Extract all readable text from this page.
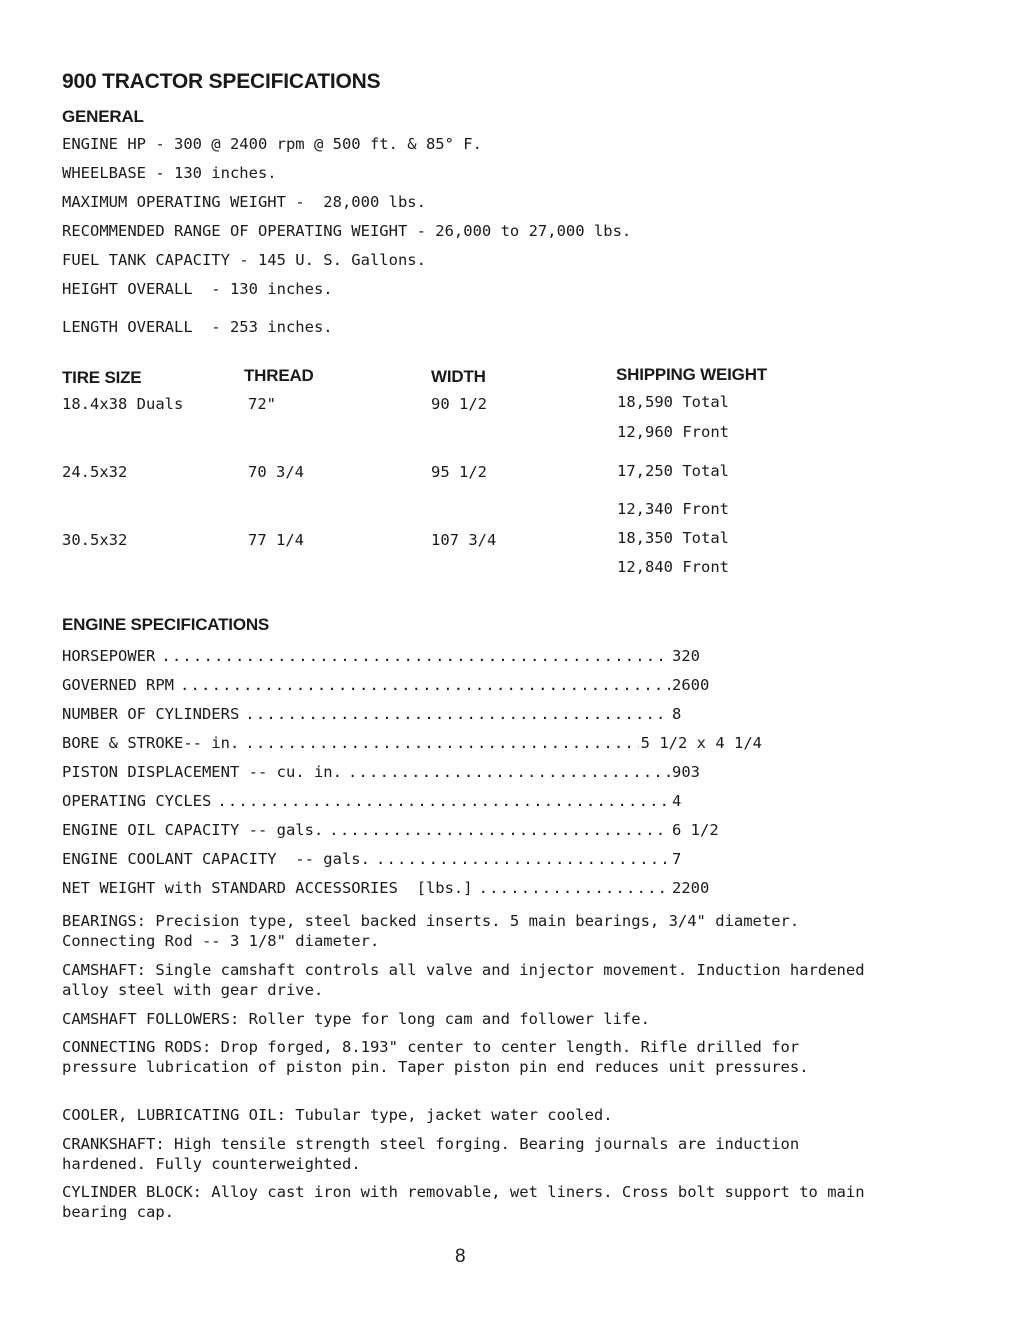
900 TRACTOR SPECIFICATIONS
GENERAL

ENGINE HP - 300 @ 2400 rpm @ 500 ft. & 85° F.

WHEELBASE - 130 inches.

MAXIMUM OPERATING WEIGHT -  28,000 lbs.

RECOMMENDED RANGE OF OPERATING WEIGHT - 26,000 to 27,000 lbs.

FUEL TANK CAPACITY - 145 U. S. Gallons.

HEIGHT OVERALL  - 130 inches.

LENGTH OVERALL  - 253 inches.

TIRE SIZE	THREAD	WIDTH	SHIPPING WEIGHT
18.4x38 Duals	72"	90 1/2	18,590 Total
12,960 Front
24.5x32	70 3/4	95 1/2	17,250 Total
12,340 Front
30.5x32	77 1/4	107 3/4	18,350 Total
12,840 Front
ENGINE SPECIFICATIONS
HORSEPOWER .....	320
GOVERNED RPM .....	2600
NUMBER OF CYLINDERS .....	8
BORE & STROKE-- in. .....	5 1/2 x 4 1/4
PISTON DISPLACEMENT -- cu. in. .....	903
OPERATING CYCLES .....	4
ENGINE OIL CAPACITY -- gals. .....	6 1/2
ENGINE COOLANT CAPACITY  -- gals. .....	7
NET WEIGHT with STANDARD ACCESSORIES  [lbs.] .....	2200

BEARINGS: Precision type, steel backed inserts. 5 main bearings, 3/4" diameter. Connecting Rod -- 3 1/8" diameter.

CAMSHAFT: Single camshaft controls all valve and injector movement. Induction hardened alloy steel with gear drive.

CAMSHAFT FOLLOWERS: Roller type for long cam and follower life.

CONNECTING RODS: Drop forged, 8.193" center to center length. Rifle drilled for pressure lubrication of piston pin. Taper piston pin end reduces unit pressures.

COOLER, LUBRICATING OIL: Tubular type, jacket water cooled.

CRANKSHAFT: High tensile strength steel forging. Bearing journals are induction hardened. Fully counterweighted.

CYLINDER BLOCK: Alloy cast iron with removable, wet liners. Cross bolt support to main bearing cap.

8
